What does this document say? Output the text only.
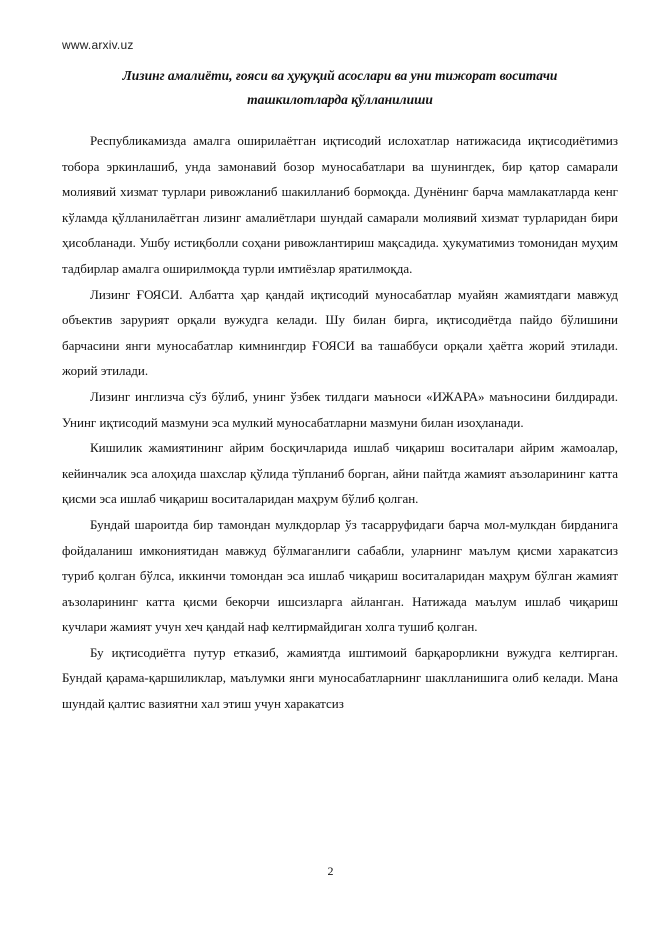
www.arxiv.uz
Лизинг амалиёти, ғояси ва ҳуқуқий асослари ва уни тижорат воситачи
ташкилотларда қўлланилиши

Республикамизда амалга оширилаётган иқтисодий ислохатлар натижасида иқтисодиётимиз тобора эркинлашиб, унда замонавий бозор муносабатлари ва шунингдек, бир қатор самарали молиявий хизмат турлари ривожланиб шакилланиб бормоқда. Дунёнинг барча мамлакатларда кенг кўламда қўлланилаётган лизинг амалиётлари шундай самарали молиявий хизмат турларидан бири ҳисобланади. Ушбу истиқболли соҳани ривожлантириш мақсадида. ҳукуматимиз томонидан муҳим тадбирлар амалга оширилмоқда турли имтиёзлар яратилмоқда.

Лизинг ҒОЯСИ. Албатта ҳар қандай иқтисодий муносабатлар муайян жамиятдаги мавжуд объектив зарурият орқали вужудга келади. Шу билан бирга, иқтисодиётда пайдо бўлишини барчасини янги муносабатлар кимнингдир ҒОЯСИ ва ташаббуси орқали ҳаётга жорий этилади. жорий этилади.

Лизинг инглизча сўз бўлиб, унинг ўзбек тилдаги маъноси «ИЖАРА» маъносини билдиради. Унинг иқтисодий мазмуни эса мулкий муносабатларни мазмуни билан изоҳланади.

Кишилик жамиятининг айрим босқичларида ишлаб чиқариш воситалари айрим жамоалар, кейинчалик эса алоҳида шахслар қўлида тўпланиб борган, айни пайтда жамият аъзоларининг катта қисми эса ишлаб чиқариш воситаларидан маҳрум бўлиб қолган.

Бундай шароитда бир тамондан мулкдорлар ўз тасарруфидаги барча мол-мулкдан бирданига фойдаланиш имкониятидан мавжуд бўлмаганлиги сабабли, уларнинг маълум қисми харакатсиз туриб қолган бўлса, иккинчи томондан эса ишлаб чиқариш воситаларидан маҳрум бўлган жамият аъзоларининг катта қисми бекорчи ишсизларга айланган. Натижада маълум ишлаб чиқариш кучлари жамият учун хеч қандай наф келтирмайдиган холга тушиб қолган.

Бу иқтисодиётга путур етказиб, жамиятда иштимоий барқарорликни вужудга келтирган. Бундай қарама-қаршиликлар, маълумки янги муносабатларнинг шаклланишига олиб келади. Мана шундай қалтис вазиятни хал этиш учун харакатсиз

2
